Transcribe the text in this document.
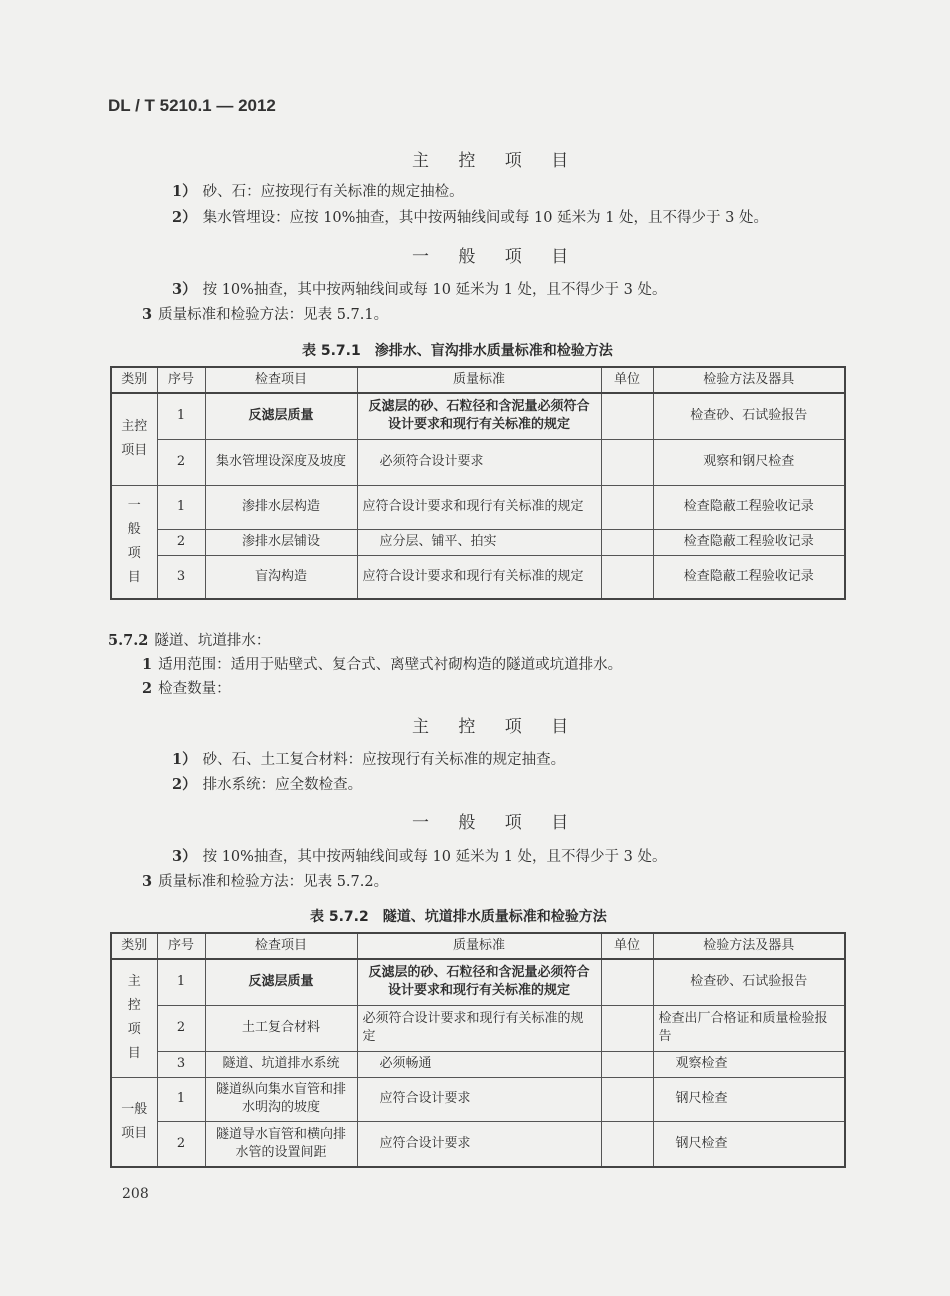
DL / T 5210.1 — 2012
主 控 项 目
1） 砂、石：应按现行有关标准的规定抽检。
2） 集水管埋设：应按 10%抽查，其中按两轴线间或每 10 延米为 1 处，且不得少于 3 处。
一 般 项 目
3） 按 10%抽查，其中按两轴线间或每 10 延米为 1 处，且不得少于 3 处。
3 质量标准和检验方法：见表 5.7.1。
表 5.7.1　渗排水、盲沟排水质量标准和检验方法
类别	序号	检查项目	质量标准	单位	检验方法及器具
主控
项目	1	反滤层质量	反滤层的砂、石粒径和含泥量必须符合设计要求和现行有关标准的规定		检查砂、石试验报告
	2	集水管埋设深度及坡度	必须符合设计要求		观察和钢尺检查
一
般
项
目	1	渗排水层构造	应符合设计要求和现行有关标准的规定		检查隐蔽工程验收记录
	2	渗排水层铺设	应分层、铺平、拍实		检查隐蔽工程验收记录
	3	盲沟构造	应符合设计要求和现行有关标准的规定		检查隐蔽工程验收记录
5.7.2 隧道、坑道排水：
1 适用范围：适用于贴壁式、复合式、离壁式衬砌构造的隧道或坑道排水。
2 检查数量：
主 控 项 目
1） 砂、石、土工复合材料：应按现行有关标准的规定抽查。
2） 排水系统：应全数检查。
一 般 项 目
3） 按 10%抽查，其中按两轴线间或每 10 延米为 1 处，且不得少于 3 处。
3 质量标准和检验方法：见表 5.7.2。
表 5.7.2　隧道、坑道排水质量标准和检验方法
类别	序号	检查项目	质量标准	单位	检验方法及器具
主
控
项
目	1	反滤层质量	反滤层的砂、石粒径和含泥量必须符合设计要求和现行有关标准的规定		检查砂、石试验报告
	2	土工复合材料	必须符合设计要求和现行有关标准的规定		检查出厂合格证和质量检验报告
	3	隧道、坑道排水系统	必须畅通		观察检查
一般
项目	1	隧道纵向集水盲管和排水明沟的坡度	应符合设计要求		钢尺检查
	2	隧道导水盲管和横向排水管的设置间距	应符合设计要求		钢尺检查
208
